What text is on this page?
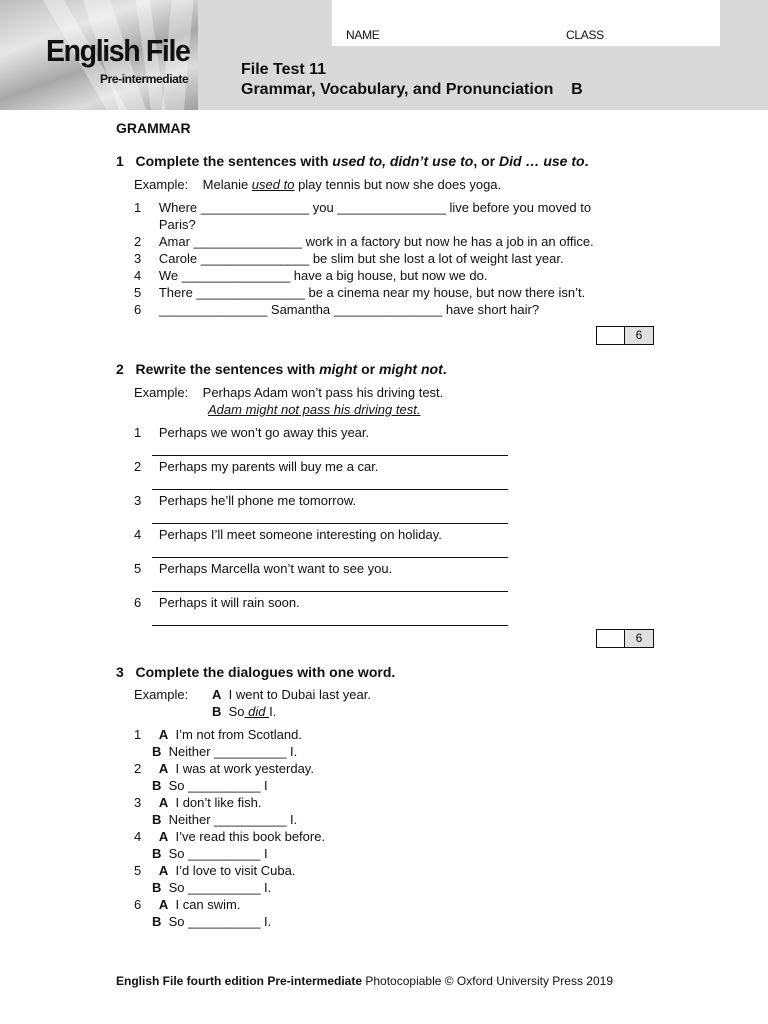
English File
Pre-intermediate
NAME	CLASS
File Test 11
Grammar, Vocabulary, and Pronunciation    B
GRAMMAR
1 Complete the sentences with used to, didn’t use to, or Did … use to.
Example: Melanie used to play tennis but now she does yoga.
6
2 Rewrite the sentences with might or might not.
Example: Perhaps Adam won’t pass his driving test.
Adam might not pass his driving test.
6
3 Complete the dialogues with one word.
Example: A I went to Dubai last year.
B So did I.
English File fourth edition Pre-intermediate Photocopiable © Oxford University Press 2019
1 Where _______________ you _______________ live before you moved to
Paris?
2 Amar _______________ work in a factory but now he has a job in an office.
3 Carole _______________ be slim but she lost a lot of weight last year.
4 We _______________ have a big house, but now we do.
5 There _______________ be a cinema near my house, but now there isn’t.
6 _______________ Samantha _______________ have short hair?
1 Perhaps we won’t go away this year.
2 Perhaps my parents will buy me a car.
3 Perhaps he’ll phone me tomorrow.
4 Perhaps I’ll meet someone interesting on holiday.
5 Perhaps Marcella won’t want to see you.
6 Perhaps it will rain soon.
1 A I’m not from Scotland.
B Neither __________ I.
2 A I was at work yesterday.
B So __________ I
3 A I don’t like fish.
B Neither __________ I.
4 A I’ve read this book before.
B So __________ I
5 A I’d love to visit Cuba.
B So __________ I.
6 A I can swim.
B So __________ I.
